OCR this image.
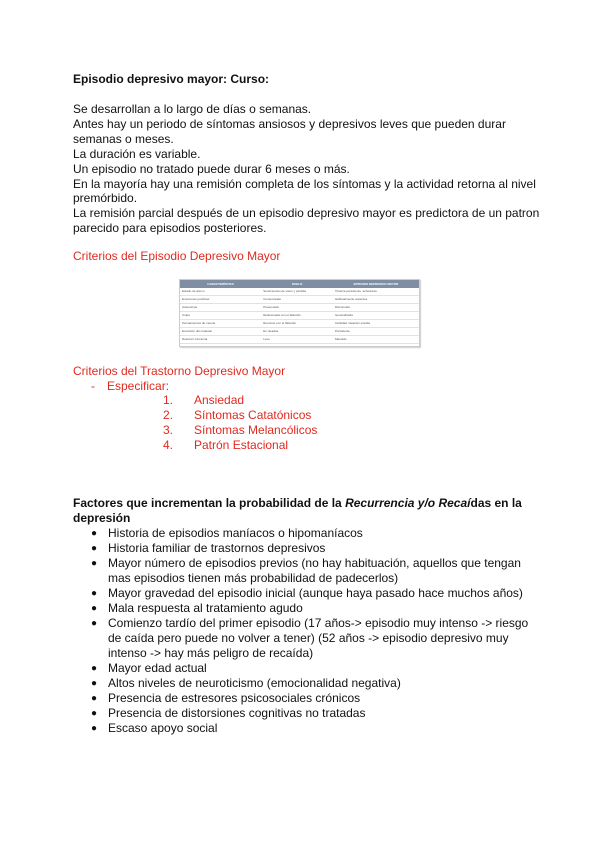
Episodio depresivo mayor: Curso:

Se desarrollan a lo largo de días o semanas.

Antes hay un periodo de síntomas ansiosos y depresivos leves que pueden durar semanas o meses.

La duración es variable.

Un episodio no tratado puede durar 6 meses o más.

En la mayoría hay una remisión completa de los síntomas y la actividad retorna al nivel premórbido.

La remisión parcial después de un episodio depresivo mayor es predictora de un patron parecido para episodios posteriores.

Criterios del Episodio Depresivo Mayor
CARACTERÍSTICA	DUELO	EPISODIO DEPRESIVO MAYOR
Estado de ánimo	Sentimientos de vacío y pérdida	Tristeza persistente, anhedonia
Emociones positivas	Conservadas	Habitualmente ausentes
Autoestima	Preservada	Disminuida
Culpa	Relacionada con el fallecido	Generalizada
Pensamientos de muerte	Reunirse con el fallecido	Inutilidad, ideación suicida
Evolución del malestar	En oleadas	Persistente
Deterioro funcional	Leve	Marcado
Criterios del Trastorno Depresivo Mayor
- Especificar:
1.	Ansiedad
2.	Síntomas Catatónicos
3.	Síntomas Melancólicos
4.	Patrón Estacional
Factores que incrementan la probabilidad de la Recurrencia y/o Recaídas en la depresión
● Historia de episodios maníacos o hipomaníacos
● Historia familiar de trastornos depresivos
● Mayor número de episodios previos (no hay habituación, aquellos que tengan mas episodios tienen más probabilidad de padecerlos)
● Mayor gravedad del episodio inicial (aunque haya pasado hace muchos años)
● Mala respuesta al tratamiento agudo
● Comienzo tardío del primer episodio (17 años-> episodio muy intenso -> riesgo de caída pero puede no volver a tener) (52 años -> episodio depresivo muy intenso -> hay más peligro de recaída)
● Mayor edad actual
● Altos niveles de neuroticismo (emocionalidad negativa)
● Presencia de estresores psicosociales crónicos
● Presencia de distorsiones cognitivas no tratadas
● Escaso apoyo social
